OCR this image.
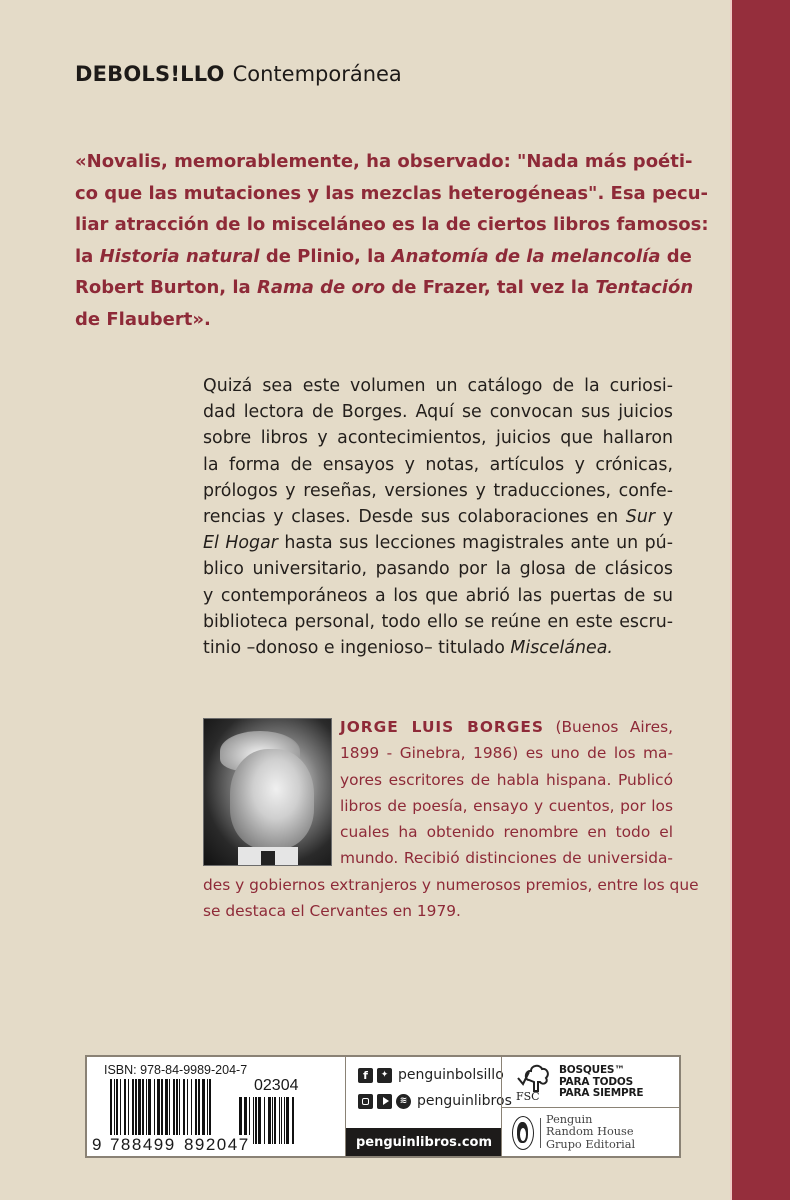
DEBOLS!LLO Contemporánea
«Novalis, memorablemente, ha observado: "Nada más poéti-
co que las mutaciones y las mezclas heterogéneas". Esa pecu-
liar atracción de lo misceláneo es la de ciertos libros famosos:
la Historia natural de Plinio, la Anatomía de la melancolía de
Robert Burton, la Rama de oro de Frazer, tal vez la Tentación
de Flaubert».
Quizá sea este volumen un catálogo de la curiosi-
dad lectora de Borges. Aquí se convocan sus juicios
sobre libros y acontecimientos, juicios que hallaron
la forma de ensayos y notas, artículos y crónicas,
prólogos y reseñas, versiones y traducciones, confe-
rencias y clases. Desde sus colaboraciones en Sur y
El Hogar hasta sus lecciones magistrales ante un pú-
blico universitario, pasando por la glosa de clásicos
y contemporáneos a los que abrió las puertas de su
biblioteca personal, todo ello se reúne en este escru-
tinio –donoso e ingenioso– titulado Miscelánea.
JORGE LUIS BORGES (Buenos Aires,
1899 - Ginebra, 1986) es uno de los ma-
yores escritores de habla hispana. Publicó
libros de poesía, ensayo y cuentos, por los
cuales ha obtenido renombre en todo el
mundo. Recibió distinciones de universida-
des y gobiernos extranjeros y numerosos premios, entre los que
se destaca el Cervantes en 1979.
ISBN: 978-84-9989-204-7
02304
9 788499 892047
f	✦ penguinbolsillo
≋ penguinlibros
penguinlibros.com
FSC
BOSQUES™
PARA TODOS
PARA SIEMPRE
Penguin
Random House
Grupo Editorial
